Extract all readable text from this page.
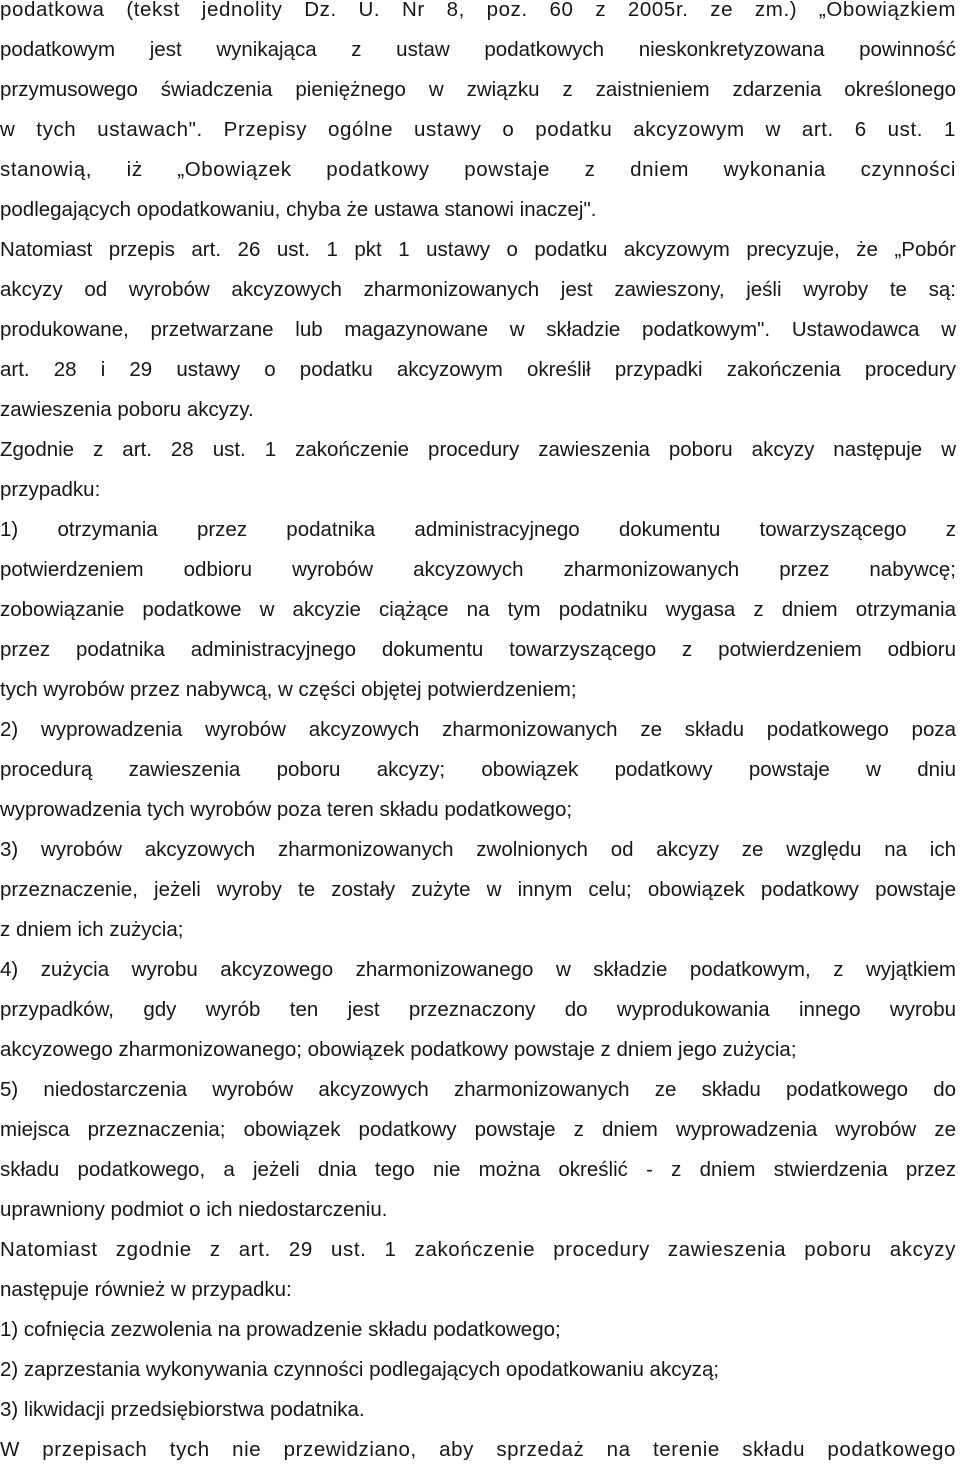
podatkowa (tekst jednolity Dz. U. Nr 8, poz. 60 z 2005r. ze zm.) „Obowiązkiem
podatkowym jest wynikająca z ustaw podatkowych nieskonkretyzowana powinność
przymusowego świadczenia pieniężnego w związku z zaistnieniem zdarzenia określonego
w tych ustawach". Przepisy ogólne ustawy o podatku akcyzowym w art. 6 ust. 1
stanowią, iż „Obowiązek podatkowy powstaje z dniem wykonania czynności
podlegających opodatkowaniu, chyba że ustawa stanowi inaczej".
Natomiast przepis art. 26 ust. 1 pkt 1 ustawy o podatku akcyzowym precyzuje, że „Pobór
akcyzy od wyrobów akcyzowych zharmonizowanych jest zawieszony, jeśli wyroby te są:
produkowane, przetwarzane lub magazynowane w składzie podatkowym". Ustawodawca w
art. 28 i 29 ustawy o podatku akcyzowym określił przypadki zakończenia procedury
zawieszenia poboru akcyzy.
Zgodnie z art. 28 ust. 1 zakończenie procedury zawieszenia poboru akcyzy następuje w
przypadku:
1) otrzymania przez podatnika administracyjnego dokumentu towarzyszącego z
potwierdzeniem odbioru wyrobów akcyzowych zharmonizowanych przez nabywcę;
zobowiązanie podatkowe w akcyzie ciążące na tym podatniku wygasa z dniem otrzymania
przez podatnika administracyjnego dokumentu towarzyszącego z potwierdzeniem odbioru
tych wyrobów przez nabywcą, w części objętej potwierdzeniem;
2) wyprowadzenia wyrobów akcyzowych zharmonizowanych ze składu podatkowego poza
procedurą zawieszenia poboru akcyzy; obowiązek podatkowy powstaje w dniu
wyprowadzenia tych wyrobów poza teren składu podatkowego;
3) wyrobów akcyzowych zharmonizowanych zwolnionych od akcyzy ze względu na ich
przeznaczenie, jeżeli wyroby te zostały zużyte w innym celu; obowiązek podatkowy powstaje
z dniem ich zużycia;
4) zużycia wyrobu akcyzowego zharmonizowanego w składzie podatkowym, z wyjątkiem
przypadków, gdy wyrób ten jest przeznaczony do wyprodukowania innego wyrobu
akcyzowego zharmonizowanego; obowiązek podatkowy powstaje z dniem jego zużycia;
5) niedostarczenia wyrobów akcyzowych zharmonizowanych ze składu podatkowego do
miejsca przeznaczenia; obowiązek podatkowy powstaje z dniem wyprowadzenia wyrobów ze
składu podatkowego, a jeżeli dnia tego nie można określić - z dniem stwierdzenia przez
uprawniony podmiot o ich niedostarczeniu.
Natomiast zgodnie z art. 29 ust. 1 zakończenie procedury zawieszenia poboru akcyzy
następuje również w przypadku:
1) cofnięcia zezwolenia na prowadzenie składu podatkowego;
2) zaprzestania wykonywania czynności podlegających opodatkowaniu akcyzą;
3) likwidacji przedsiębiorstwa podatnika.
W przepisach tych nie przewidziano, aby sprzedaż na terenie składu podatkowego
